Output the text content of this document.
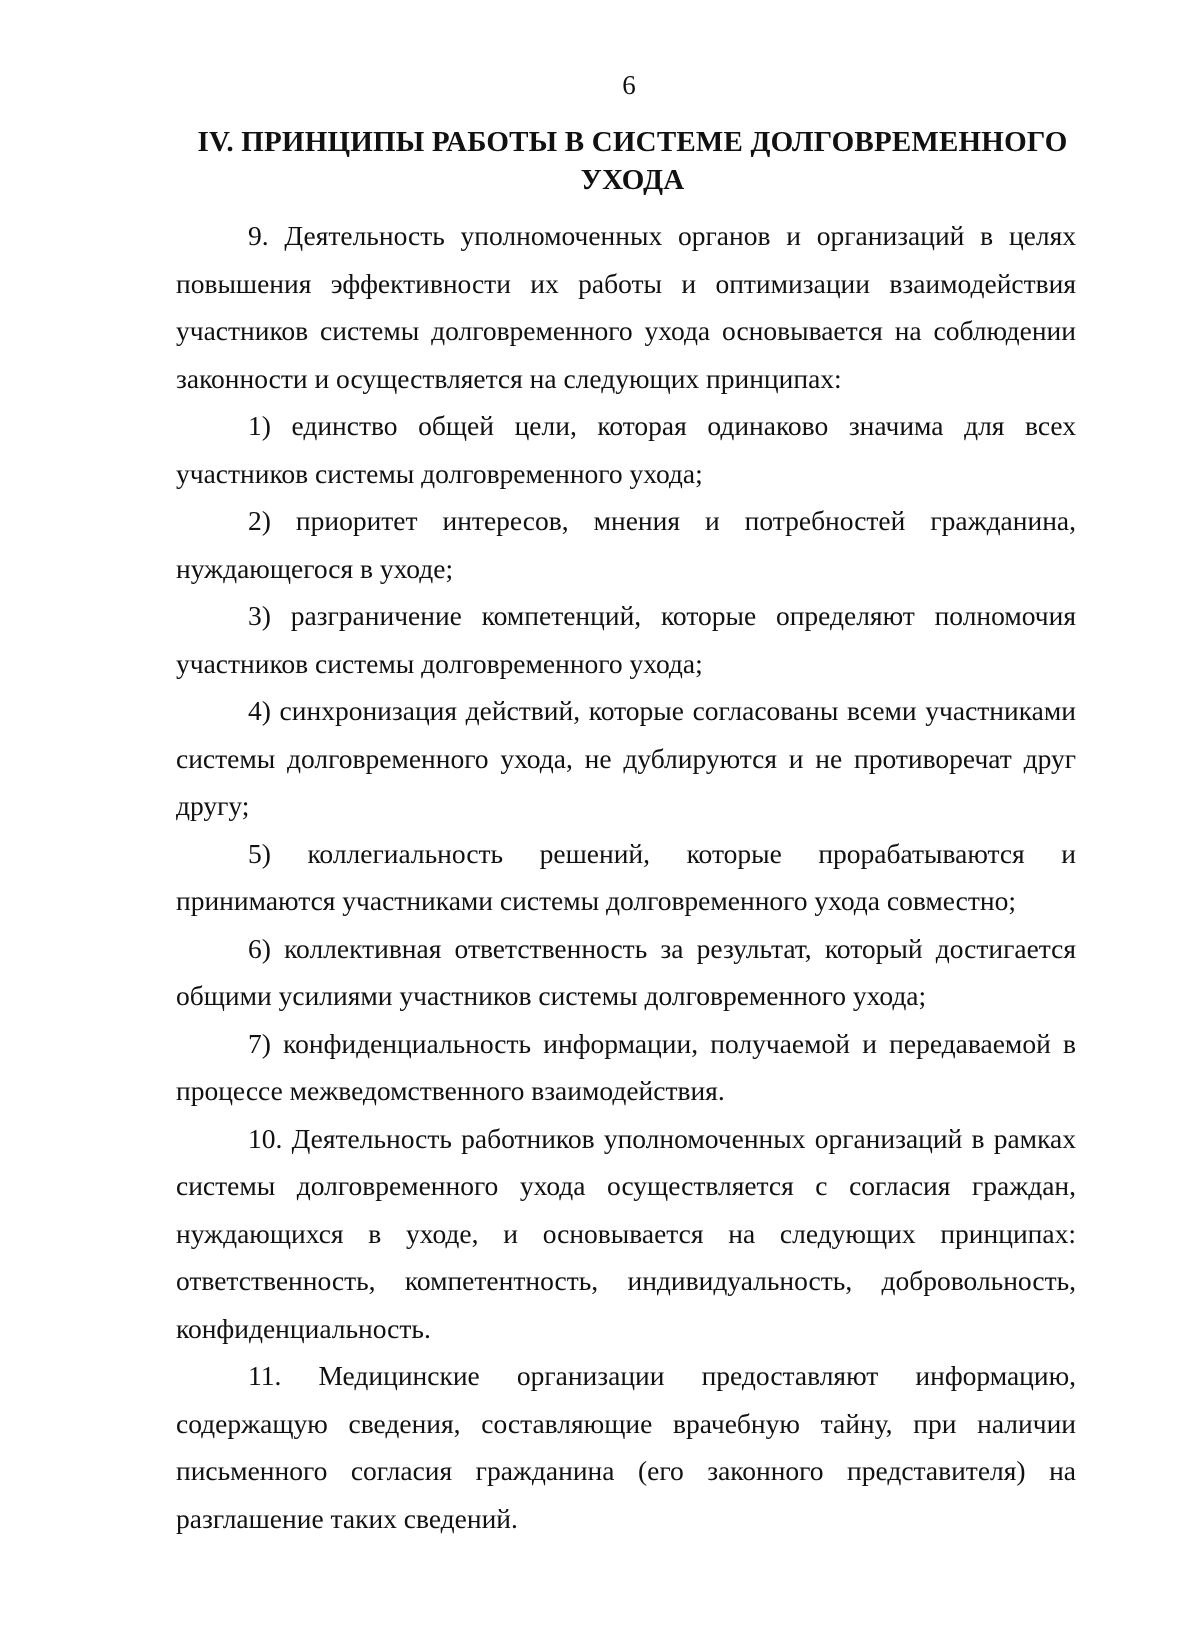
6
IV. ПРИНЦИПЫ РАБОТЫ В СИСТЕМЕ ДОЛГОВРЕМЕННОГО УХОДА

9. Деятельность уполномоченных органов и организаций в целях повышения эффективности их работы и оптимизации взаимодействия участников системы долговременного ухода основывается на соблюдении законности и осуществляется на следующих принципах:

1) единство общей цели, которая одинаково значима для всех участников системы долговременного ухода;

2) приоритет интересов, мнения и потребностей гражданина, нуждающегося в уходе;

3) разграничение компетенций, которые определяют полномочия участников системы долговременного ухода;

4) синхронизация действий, которые согласованы всеми участниками системы долговременного ухода, не дублируются и не противоречат друг другу;

5) коллегиальность решений, которые прорабатываются и принимаются участниками системы долговременного ухода совместно;

6) коллективная ответственность за результат, который достигается общими усилиями участников системы долговременного ухода;

7) конфиденциальность информации, получаемой и передаваемой в процессе межведомственного взаимодействия.

10. Деятельность работников уполномоченных организаций в рамках системы долговременного ухода осуществляется с согласия граждан, нуждающихся в уходе, и основывается на следующих принципах: ответственность, компетентность, индивидуальность, добровольность, конфиденциальность.

11. Медицинские организации предоставляют информацию, содержащую сведения, составляющие врачебную тайну, при наличии письменного согласия гражданина (его законного представителя) на разглашение таких сведений.
